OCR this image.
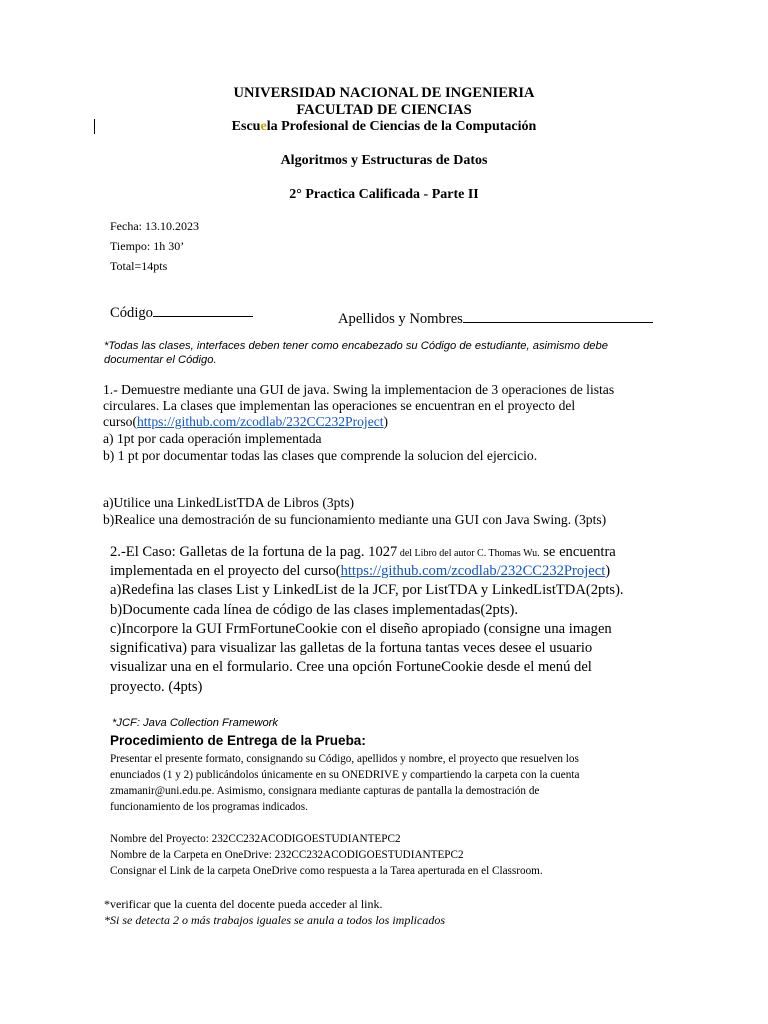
UNIVERSIDAD NACIONAL DE INGENIERIA
FACULTAD DE CIENCIAS
Escuela Profesional de Ciencias de la Computación
Algoritmos y Estructuras de Datos
2° Practica Calificada - Parte II
Fecha: 13.10.2023
Tiempo: 1h 30’
Total=14pts
Código	Apellidos y Nombres
*Todas las clases, interfaces deben tener como encabezado su Código de estudiante, asimismo debe
documentar el Código.
1.- Demuestre mediante una GUI de java. Swing la implementacion de 3 operaciones de listas
circulares. La clases que implementan las operaciones se encuentran en el proyecto del
curso(https://github.com/zcodlab/232CC232Project)
a) 1pt por cada operación implementada
b) 1 pt por documentar todas las clases que comprende la solucion del ejercicio.
a)Utilice una LinkedListTDA de Libros (3pts)
b)Realice una demostración de su funcionamiento mediante una GUI con Java Swing. (3pts)
2.-El Caso: Galletas de la fortuna de la pag. 1027 del Libro del autor C. Thomas Wu. se encuentra
implementada en el proyecto del curso(https://github.com/zcodlab/232CC232Project)
a)Redefina las clases List y LinkedList de la JCF, por ListTDA y LinkedListTDA(2pts).
b)Documente cada línea de código de las clases implementadas(2pts).
c)Incorpore la GUI FrmFortuneCookie con el diseño apropiado (consigne una imagen
significativa) para visualizar las galletas de la fortuna tantas veces desee el usuario
visualizar una en el formulario. Cree una opción FortuneCookie desde el menú del
proyecto. (4pts)
*JCF: Java Collection Framework
Procedimiento de Entrega de la Prueba:
Presentar el presente formato, consignando su Código, apellidos y nombre, el proyecto que resuelven los
enunciados (1 y 2) publicándolos únicamente en su ONEDRIVE y compartiendo la carpeta con la cuenta
zmamanir@uni.edu.pe. Asimismo, consignara mediante capturas de pantalla la demostración de
funcionamiento de los programas indicados.
Nombre del Proyecto: 232CC232ACODIGOESTUDIANTEPC2
Nombre de la Carpeta en OneDrive: 232CC232ACODIGOESTUDIANTEPC2
Consignar el Link de la carpeta OneDrive como respuesta a la Tarea aperturada en el Classroom.
*verificar que la cuenta del docente pueda acceder al link.
*Si se detecta 2 o más trabajos iguales se anula a todos los implicados
